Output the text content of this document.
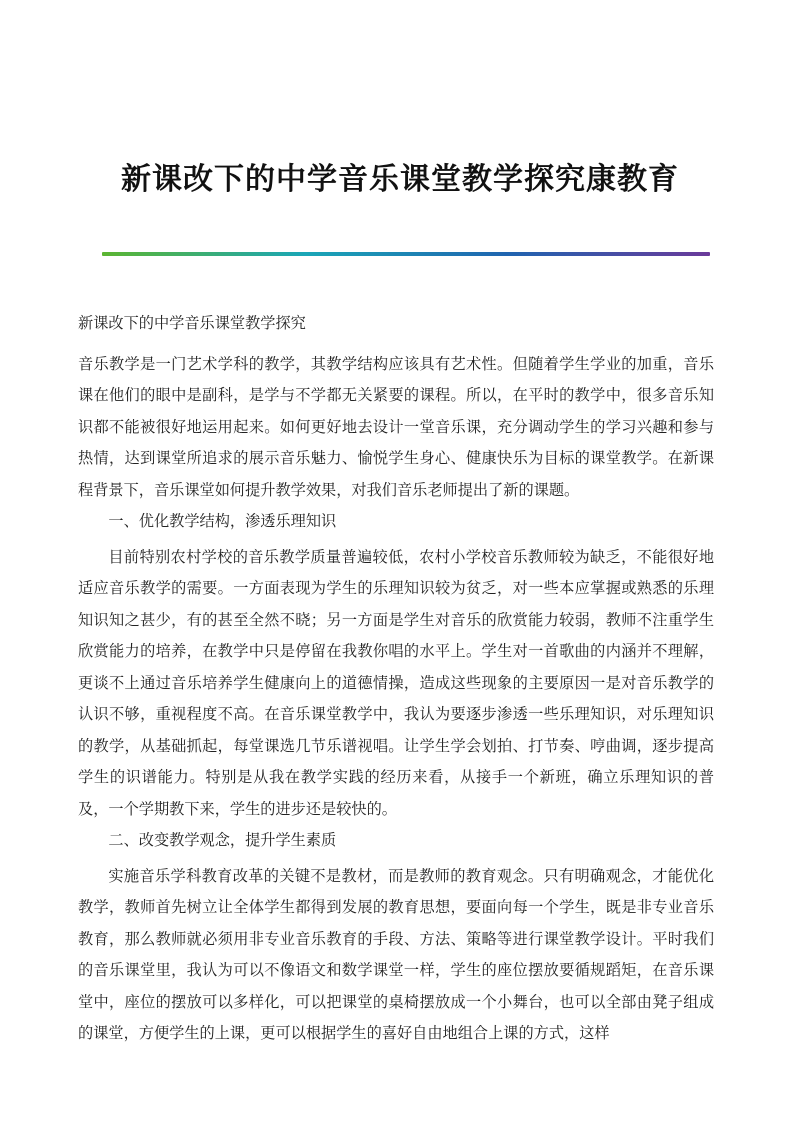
新课改下的中学音乐课堂教学探究康教育

新课改下的中学音乐课堂教学探究

音乐教学是一门艺术学科的教学，其教学结构应该具有艺术性。但随着学生学业的加重，音乐课在他们的眼中是副科，是学与不学都无关紧要的课程。所以，在平时的教学中，很多音乐知识都不能被很好地运用起来。如何更好地去设计一堂音乐课，充分调动学生的学习兴趣和参与热情，达到课堂所追求的展示音乐魅力、愉悦学生身心、健康快乐为目标的课堂教学。在新课程背景下，音乐课堂如何提升教学效果，对我们音乐老师提出了新的课题。

一、优化教学结构，渗透乐理知识

目前特别农村学校的音乐教学质量普遍较低，农村小学校音乐教师较为缺乏，不能很好地适应音乐教学的需要。一方面表现为学生的乐理知识较为贫乏，对一些本应掌握或熟悉的乐理知识知之甚少，有的甚至全然不晓；另一方面是学生对音乐的欣赏能力较弱，教师不注重学生欣赏能力的培养，在教学中只是停留在我教你唱的水平上。学生对一首歌曲的内涵并不理解，更谈不上通过音乐培养学生健康向上的道德情操，造成这些现象的主要原因一是对音乐教学的认识不够，重视程度不高。在音乐课堂教学中，我认为要逐步渗透一些乐理知识，对乐理知识的教学，从基础抓起，每堂课选几节乐谱视唱。让学生学会划拍、打节奏、哼曲调，逐步提高学生的识谱能力。特别是从我在教学实践的经历来看，从接手一个新班，确立乐理知识的普及，一个学期教下来，学生的进步还是较快的。

二、改变教学观念，提升学生素质

实施音乐学科教育改革的关键不是教材，而是教师的教育观念。只有明确观念，才能优化教学，教师首先树立让全体学生都得到发展的教育思想，要面向每一个学生，既是非专业音乐教育，那么教师就必须用非专业音乐教育的手段、方法、策略等进行课堂教学设计。平时我们的音乐课堂里，我认为可以不像语文和数学课堂一样，学生的座位摆放要循规蹈矩，在音乐课堂中，座位的摆放可以多样化，可以把课堂的桌椅摆放成一个小舞台，也可以全部由凳子组成的课堂，方便学生的上课，更可以根据学生的喜好自由地组合上课的方式，这样
